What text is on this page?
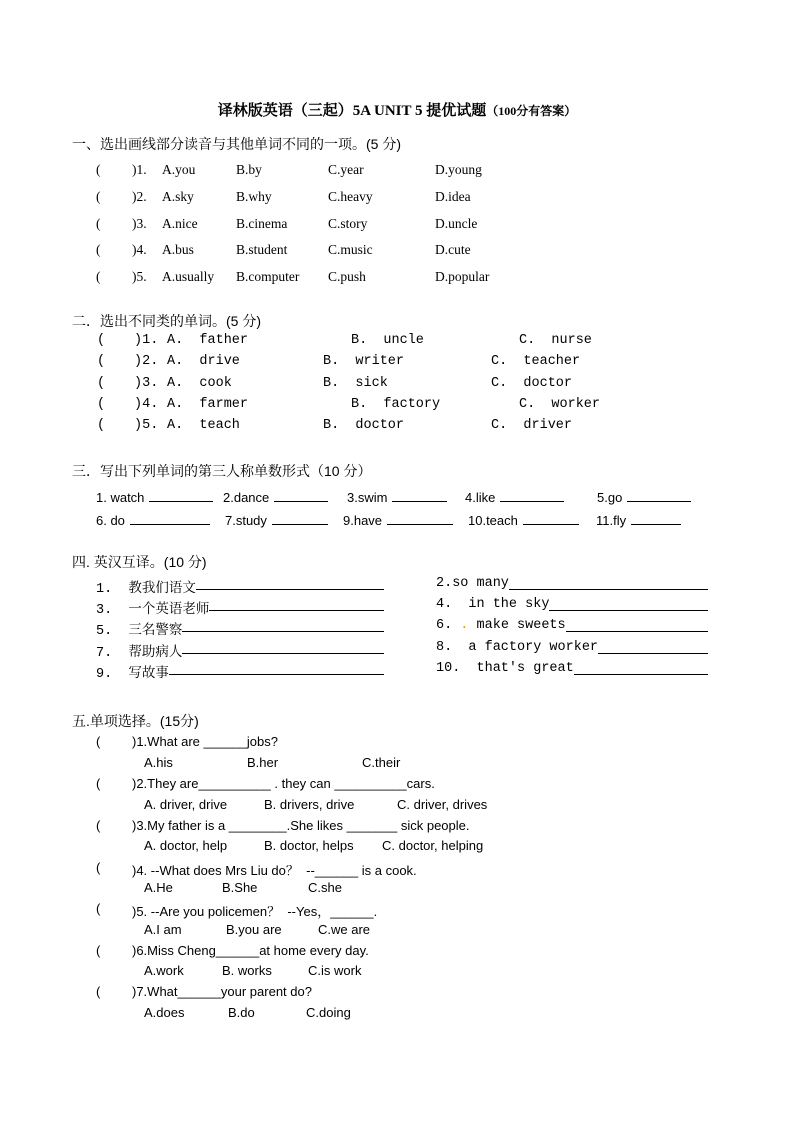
译林版英语（三起）5A UNIT 5 提优试题（100分有答案）
一、选出画线部分读音与其他单词不同的一项。(5 分)
( )1. A.you	B.by	C.year	D.young
( )2. A.sky	B.why	C.heavy	D.idea
( )3. A.nice	B.cinema	C.story	D.uncle
( )4. A.bus	B.student	C.music	D.cute
( )5. A.usually B.computer C.push	D.popular
二．选出不同类的单词。(5 分)
( )1. A.  father	B.  uncle	C.  nurse
( )2. A.  drive	B.  writer	C.  teacher
( )3. A.  cook	B.  sick	C.  doctor
( )4. A.  farmer	B.  factory	C.  worker
( )5. A.  teach	B.  doctor	C.  driver
三．写出下列单词的第三人称单数形式（10 分）
1. watch	2.dance	3.swim	4.like	5.go
6. do	7.study	9.have	10.teach	11.fly
四. 英汉互译。(10 分)
1.  教我们语文
3.  一个英语老师
5.  三名警察
7.  帮助病人
9.  写故事
2.so many
4.  in the sky
6. . make sweets
8.  a factory worker
10.  that's great
五.单项选择。(15分)
( )1.What are ______jobs?
A.his	B.her	C.their
( )2.They are__________ . they can __________cars.
A. driver, drive	B. drivers, drive	C. driver, drives
( )3.My father is a ________.She likes _______ sick people.
A. doctor, help	B. doctor, helps C. doctor, helping
( )4. --What does Mrs Liu do？  --______ is a cook.
A.He	B.She	C.she
( )5. --Are you policemen？  --Yes，______.
A.I am	B.you are	C.we are
( )6.Miss Cheng______at home every day.
A.work	B. works	C.is work
( )7.What______your parent do?
A.does	B.do	C.doing
